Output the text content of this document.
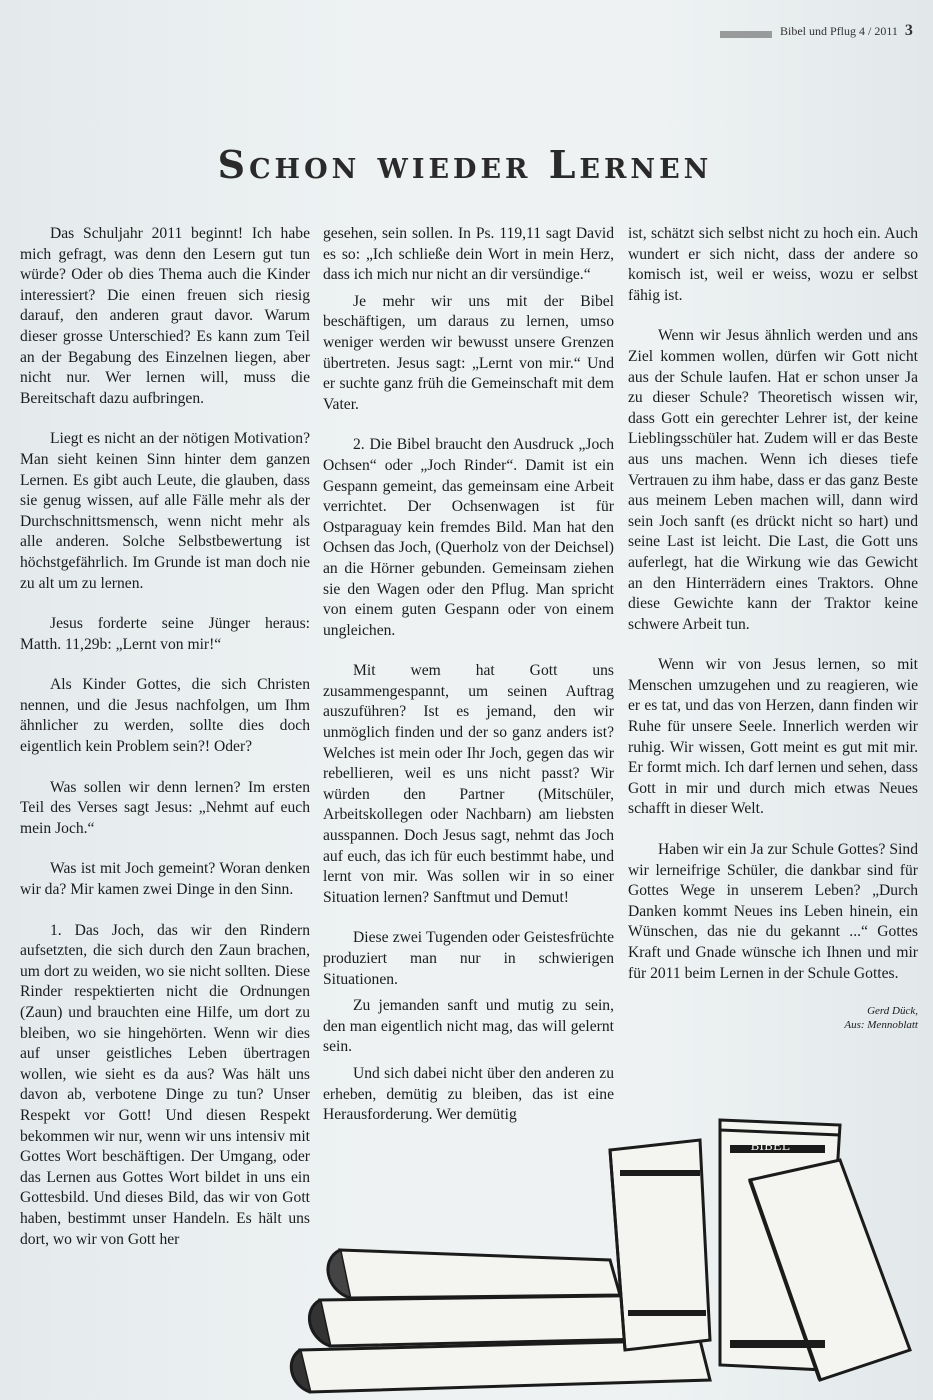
Bibel und Pflug 4 / 2011 3
Schon wieder Lernen

Das Schuljahr 2011 beginnt! Ich habe mich gefragt, was denn den Lesern gut tun würde? Oder ob dies Thema auch die Kinder interessiert? Die einen freuen sich riesig darauf, den anderen graut davor. Warum dieser grosse Unterschied? Es kann zum Teil an der Begabung des Einzelnen liegen, aber nicht nur. Wer lernen will, muss die Bereitschaft dazu aufbringen.

Liegt es nicht an der nötigen Motivation? Man sieht keinen Sinn hinter dem ganzen Lernen. Es gibt auch Leute, die glauben, dass sie genug wissen, auf alle Fälle mehr als der Durchschnittsmensch, wenn nicht mehr als alle anderen. Solche Selbstbewertung ist höchstgefährlich. Im Grunde ist man doch nie zu alt um zu lernen.

Jesus forderte seine Jünger heraus: Matth. 11,29b: „Lernt von mir!“

Als Kinder Gottes, die sich Christen nennen, und die Jesus nachfolgen, um Ihm ähnlicher zu werden, sollte dies doch eigentlich kein Problem sein?! Oder?

Was sollen wir denn lernen? Im ersten Teil des Verses sagt Jesus: „Nehmt auf euch mein Joch.“

Was ist mit Joch gemeint? Woran denken wir da? Mir kamen zwei Dinge in den Sinn.

1. Das Joch, das wir den Rindern aufsetzten, die sich durch den Zaun brachen, um dort zu weiden, wo sie nicht sollten. Diese Rinder respektierten nicht die Ordnungen (Zaun) und brauchten eine Hilfe, um dort zu bleiben, wo sie hingehörten. Wenn wir dies auf unser geistliches Leben übertragen wollen, wie sieht es da aus? Was hält uns davon ab, verbotene Dinge zu tun? Unser Respekt vor Gott! Und diesen Respekt bekommen wir nur, wenn wir uns intensiv mit Gottes Wort beschäftigen. Der Umgang, oder das Lernen aus Gottes Wort bildet in uns ein Gottesbild. Und dieses Bild, das wir von Gott haben, bestimmt unser Handeln. Es hält uns dort, wo wir von Gott her

gesehen, sein sollen. In Ps. 119,11 sagt David es so: „Ich schließe dein Wort in mein Herz, dass ich mich nur nicht an dir versündige.“

Je mehr wir uns mit der Bibel beschäftigen, um daraus zu lernen, umso weniger werden wir bewusst unsere Grenzen übertreten. Jesus sagt: „Lernt von mir.“ Und er suchte ganz früh die Gemeinschaft mit dem Vater.

2. Die Bibel braucht den Ausdruck „Joch Ochsen“ oder „Joch Rinder“. Damit ist ein Gespann gemeint, das gemeinsam eine Arbeit verrichtet. Der Ochsenwagen ist für Ostparaguay kein fremdes Bild. Man hat den Ochsen das Joch, (Querholz von der Deichsel) an die Hörner gebunden. Gemeinsam ziehen sie den Wagen oder den Pflug. Man spricht von einem guten Gespann oder von einem ungleichen.

Mit wem hat Gott uns zusammengespannt, um seinen Auftrag auszuführen? Ist es jemand, den wir unmöglich finden und der so ganz anders ist? Welches ist mein oder Ihr Joch, gegen das wir rebellieren, weil es uns nicht passt? Wir würden den Partner (Mitschüler, Arbeitskollegen oder Nachbarn) am liebsten ausspannen. Doch Jesus sagt, nehmt das Joch auf euch, das ich für euch bestimmt habe, und lernt von mir. Was sollen wir in so einer Situation lernen? Sanftmut und Demut!

Diese zwei Tugenden oder Geistesfrüchte produziert man nur in schwierigen Situationen.

Zu jemanden sanft und mutig zu sein, den man eigentlich nicht mag, das will gelernt sein.

Und sich dabei nicht über den anderen zu erheben, demütig zu bleiben, das ist eine Herausforderung. Wer demütig

ist, schätzt sich selbst nicht zu hoch ein. Auch wundert er sich nicht, dass der andere so komisch ist, weil er weiss, wozu er selbst fähig ist.

Wenn wir Jesus ähnlich werden und ans Ziel kommen wollen, dürfen wir Gott nicht aus der Schule laufen. Hat er schon unser Ja zu dieser Schule? Theoretisch wissen wir, dass Gott ein gerechter Lehrer ist, der keine Lieblingsschüler hat. Zudem will er das Beste aus uns machen. Wenn ich dieses tiefe Vertrauen zu ihm habe, dass er das ganz Beste aus meinem Leben machen will, dann wird sein Joch sanft (es drückt nicht so hart) und seine Last ist leicht. Die Last, die Gott uns auferlegt, hat die Wirkung wie das Gewicht an den Hinterrädern eines Traktors. Ohne diese Gewichte kann der Traktor keine schwere Arbeit tun.

Wenn wir von Jesus lernen, so mit Menschen umzugehen und zu reagieren, wie er es tat, und das von Herzen, dann finden wir Ruhe für unsere Seele. Innerlich werden wir ruhig. Wir wissen, Gott meint es gut mit mir. Er formt mich. Ich darf lernen und sehen, dass Gott in mir und durch mich etwas Neues schafft in dieser Welt.

Haben wir ein Ja zur Schule Gottes? Sind wir lerneifrige Schüler, die dankbar sind für Gottes Wege in unserem Leben? „Durch Danken kommt Neues ins Leben hinein, ein Wünschen, das nie du gekannt ...“ Gottes Kraft und Gnade wünsche ich Ihnen und mir für 2011 beim Lernen in der Schule Gottes.

Gerd Dück,
Aus: Mennoblatt
BIBEL
